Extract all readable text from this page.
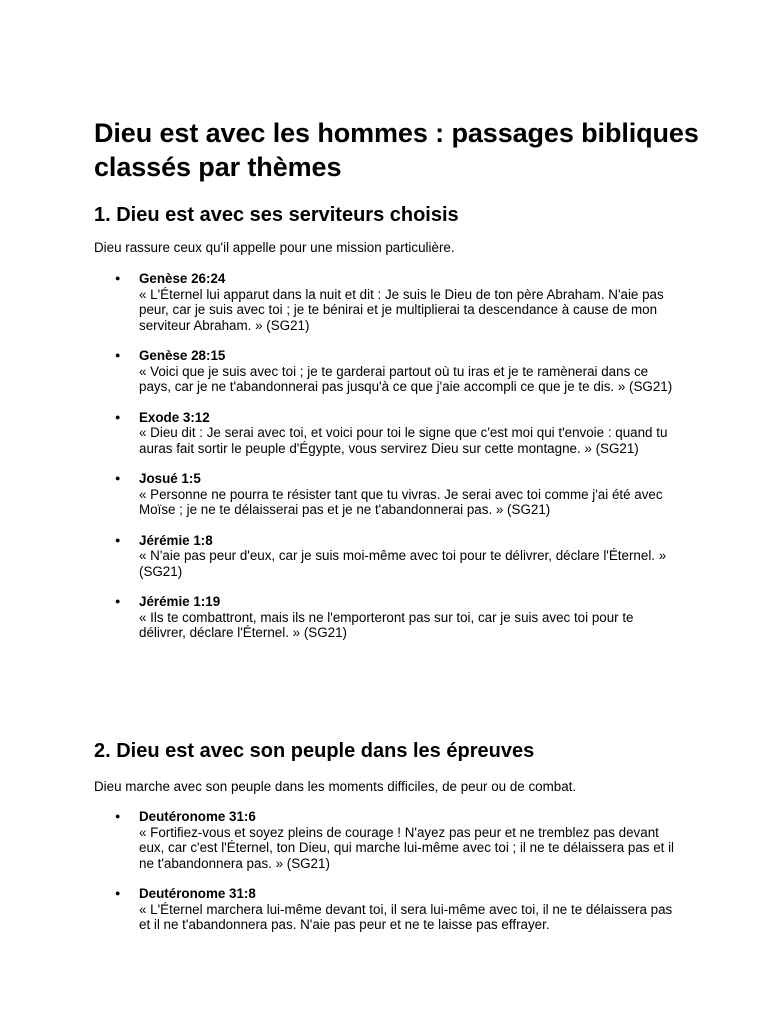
Dieu est avec les hommes : passages bibliques classés par thèmes
1. Dieu est avec ses serviteurs choisis

Dieu rassure ceux qu'il appelle pour une mission particulière.

● Genèse 26:24
« L'Éternel lui apparut dans la nuit et dit : Je suis le Dieu de ton père Abraham. N'aie pas peur, car je suis avec toi ; je te bénirai et je multiplierai ta descendance à cause de mon serviteur Abraham. » (SG21)
● Genèse 28:15
« Voici que je suis avec toi ; je te garderai partout où tu iras et je te ramènerai dans ce pays, car je ne t'abandonnerai pas jusqu'à ce que j'aie accompli ce que je te dis. » (SG21)
● Exode 3:12
« Dieu dit : Je serai avec toi, et voici pour toi le signe que c'est moi qui t'envoie : quand tu auras fait sortir le peuple d'Égypte, vous servirez Dieu sur cette montagne. » (SG21)
● Josué 1:5
« Personne ne pourra te résister tant que tu vivras. Je serai avec toi comme j'ai été avec Moïse ; je ne te délaisserai pas et je ne t'abandonnerai pas. » (SG21)
● Jérémie 1:8
« N'aie pas peur d'eux, car je suis moi-même avec toi pour te délivrer, déclare l'Éternel. » (SG21)
● Jérémie 1:19
« Ils te combattront, mais ils ne l'emporteront pas sur toi, car je suis avec toi pour te délivrer, déclare l'Éternel. » (SG21)
2. Dieu est avec son peuple dans les épreuves

Dieu marche avec son peuple dans les moments difficiles, de peur ou de combat.

● Deutéronome 31:6
« Fortifiez-vous et soyez pleins de courage ! N'ayez pas peur et ne tremblez pas devant eux, car c'est l'Éternel, ton Dieu, qui marche lui-même avec toi ; il ne te délaissera pas et il ne t'abandonnera pas. » (SG21)
● Deutéronome 31:8
« L'Éternel marchera lui-même devant toi, il sera lui-même avec toi, il ne te délaissera pas et il ne t'abandonnera pas. N'aie pas peur et ne te laisse pas effrayer.
